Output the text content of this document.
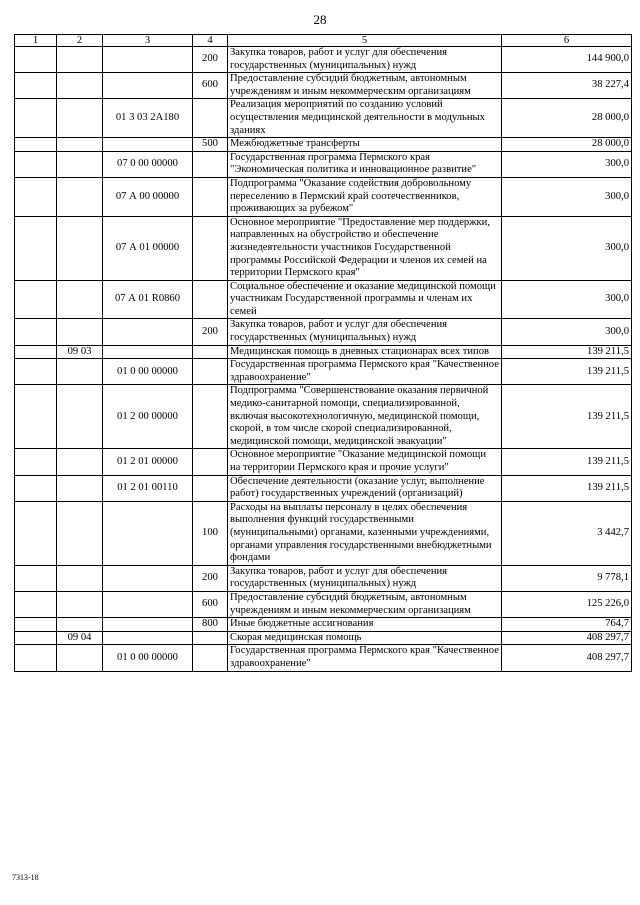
28
1	2	3	4	5	6
			200	Закупка товаров, работ и услуг для обеспечения государственных (муниципальных) нужд	144 900,0
			600	Предоставление субсидий бюджетным, автономным учреждениям и иным некоммерческим организациям	38 227,4
		01 3 03 2А180		Реализация мероприятий по созданию условий осуществления медицинской деятельности в модульных зданиях	28 000,0
			500	Межбюджетные трансферты	28 000,0
		07 0 00 00000		Государственная программа Пермского края "Экономическая политика и инновационное развитие"	300,0
		07 А 00 00000		Подпрограмма "Оказание содействия добровольному переселению в Пермский край соотечественников, проживающих за рубежом"	300,0
		07 А 01 00000		Основное мероприятие "Предоставление мер поддержки, направленных на обустройство и обеспечение жизнедеятельности участников Государственной программы Российской Федерации и членов их семей на территории Пермского края"	300,0
		07 А 01 R0860		Социальное обеспечение и оказание медицинской помощи участникам Государственной программы и членам их семей	300,0
			200	Закупка товаров, работ и услуг для обеспечения государственных (муниципальных) нужд	300,0
	09 03			Медицинская помощь в дневных стационарах всех типов	139 211,5
		01 0 00 00000		Государственная программа Пермского края "Качественное здравоохранение"	139 211,5
		01 2 00 00000		Подпрограмма "Совершенствование оказания первичной медико-санитарной помощи, специализированной, включая высокотехнологичную, медицинской помощи, скорой, в том числе скорой специализированной, медицинской помощи, медицинской эвакуации"	139 211,5
		01 2 01 00000		Основное мероприятие "Оказание медицинской помощи на территории Пермского края и прочие услуги"	139 211,5
		01 2 01 00110		Обеспечение деятельности (оказание услуг, выполнение работ) государственных учреждений (организаций)	139 211,5
			100	Расходы на выплаты персоналу в целях обеспечения выполнения функций государственными (муниципальными) органами, казенными учреждениями, органами управления государственными внебюджетными фондами	3 442,7
			200	Закупка товаров, работ и услуг для обеспечения государственных (муниципальных) нужд	9 778,1
			600	Предоставление субсидий бюджетным, автономным учреждениям и иным некоммерческим организациям	125 226,0
			800	Иные бюджетные ассигнования	764,7
	09 04			Скорая медицинская помощь	408 297,7
		01 0 00 00000		Государственная программа Пермского края "Качественное здравоохранение"	408 297,7
7313-18
